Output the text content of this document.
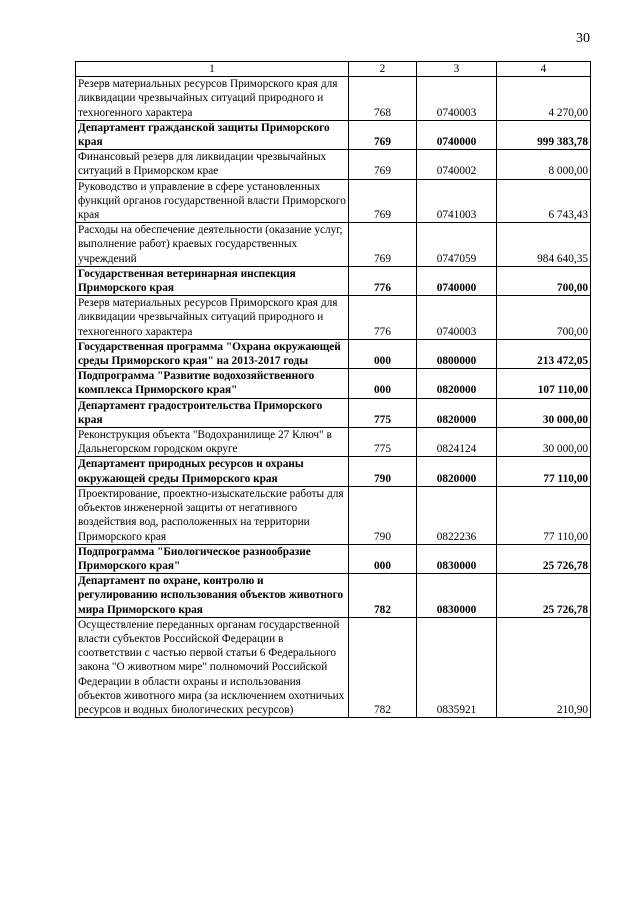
30
1	2	3	4
Резерв материальных ресурсов Приморского края для ликвидации чрезвычайных ситуаций природного и техногенного характера	768	0740003	4 270,00
Департамент гражданской защиты Приморского края	769	0740000	999 383,78
Финансовый резерв для ликвидации чрезвычайных ситуаций в Приморском крае	769	0740002	8 000,00
Руководство и управление в сфере установленных функций органов государственной власти Приморского края	769	0741003	6 743,43
Расходы на обеспечение деятельности (оказание услуг, выполнение работ) краевых государственных учреждений	769	0747059	984 640,35
Государственная ветеринарная инспекция Приморского края	776	0740000	700,00
Резерв материальных ресурсов Приморского края для ликвидации чрезвычайных ситуаций природного и техногенного характера	776	0740003	700,00
Государственная программа "Охрана окружающей среды Приморского края" на 2013-2017 годы	000	0800000	213 472,05
Подпрограмма "Развитие водохозяйственного комплекса Приморского края"	000	0820000	107 110,00
Департамент градостроительства Приморского края	775	0820000	30 000,00
Реконструкция объекта "Водохранилище 27 Ключ" в Дальнегорском городском округе	775	0824124	30 000,00
Департамент природных ресурсов и охраны окружающей среды Приморского края	790	0820000	77 110,00
Проектирование, проектно-изыскательские работы для объектов инженерной защиты от негативного воздействия вод, расположенных на территории Приморского края	790	0822236	77 110,00
Подпрограмма "Биологическое разнообразие Приморского края"	000	0830000	25 726,78
Департамент по охране, контролю и регулированию использования объектов животного мира Приморского края	782	0830000	25 726,78
Осуществление переданных органам государственной власти субъектов Российской Федерации в соответствии с частью первой статьи 6 Федерального закона "О животном мире" полномочий Российской Федерации в области охраны и использования объектов животного мира (за исключением охотничьих ресурсов и водных биологических ресурсов)	782	0835921	210,90
